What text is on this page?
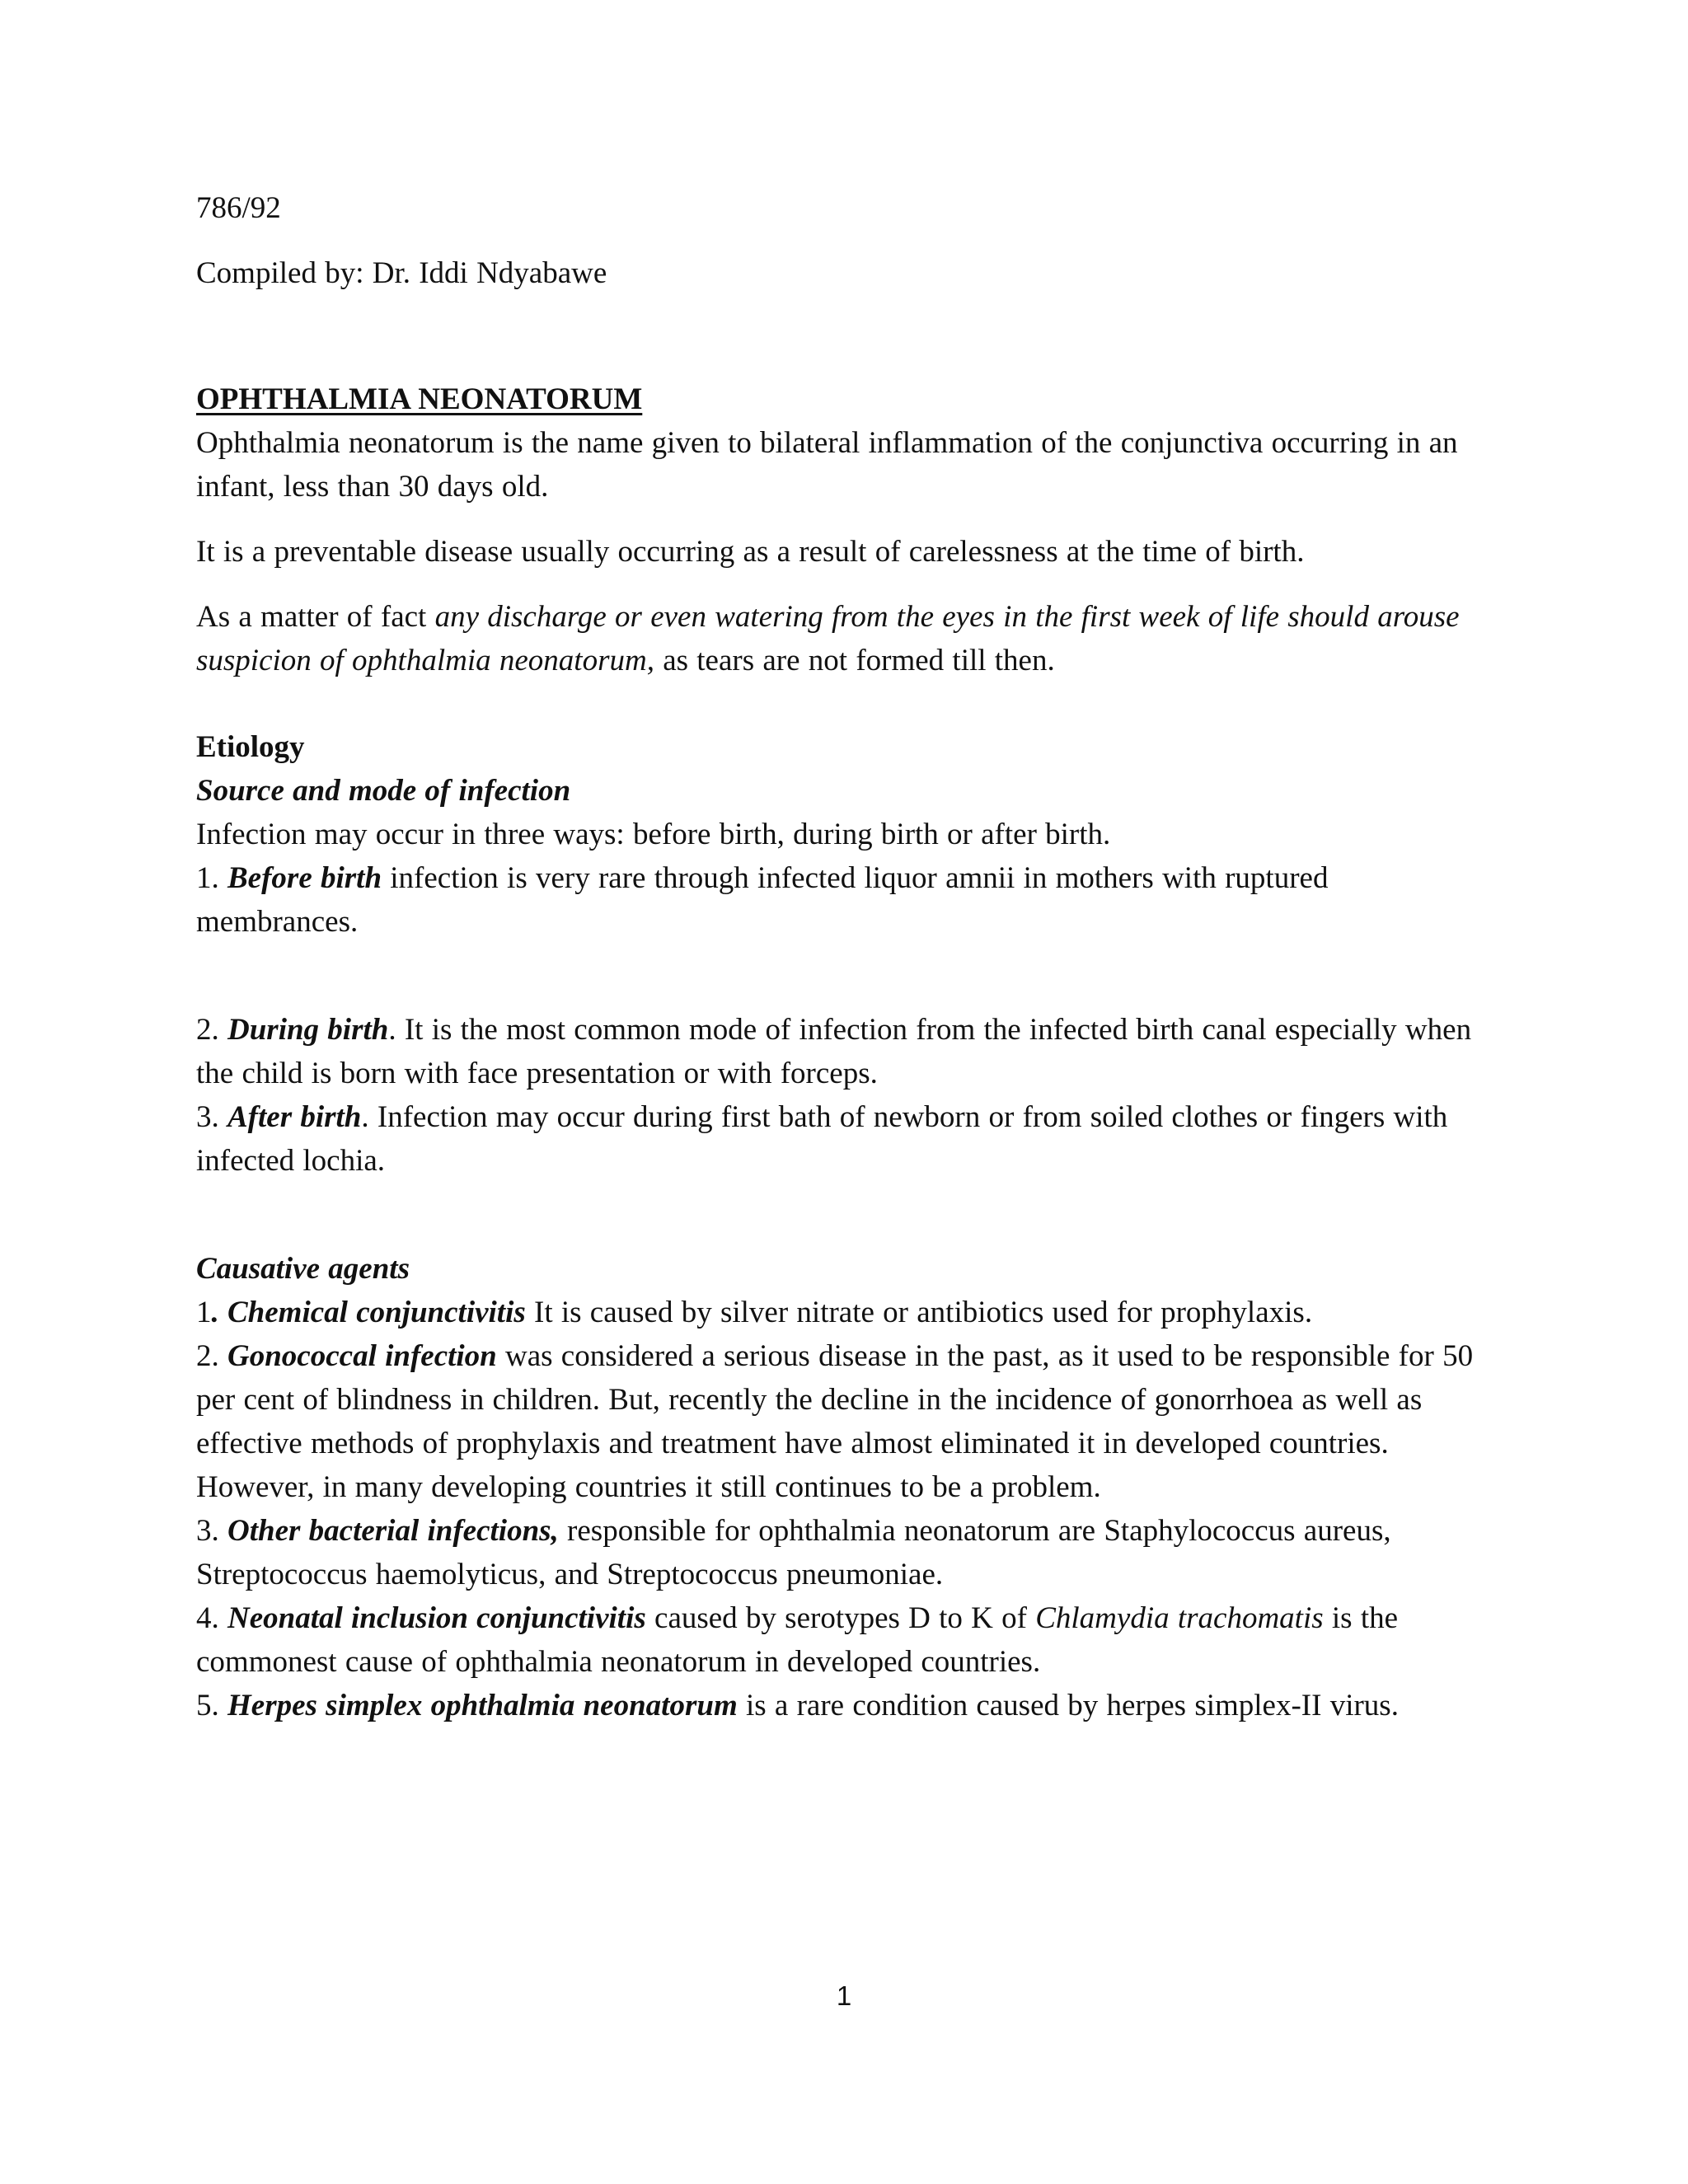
786/92

Compiled by: Dr. Iddi Ndyabawe

OPHTHALMIA NEONATORUM

Ophthalmia neonatorum is the name given to bilateral inflammation of the conjunctiva occurring in an infant, less than 30 days old.

It is a preventable disease usually occurring as a result of carelessness at the time of birth.

As a matter of fact any discharge or even watering from the eyes in the first week of life should arouse suspicion of ophthalmia neonatorum, as tears are not formed till then.

Etiology

Source and mode of infection

Infection may occur in three ways: before birth, during birth or after birth.

1. Before birth infection is very rare through infected liquor amnii in mothers with ruptured membrances.

2. During birth. It is the most common mode of infection from the infected birth canal especially when the child is born with face presentation or with forceps.

3. After birth. Infection may occur during first bath of newborn or from soiled clothes or fingers with infected lochia.

Causative agents

1. Chemical conjunctivitis It is caused by silver nitrate or antibiotics used for prophylaxis.

2. Gonococcal infection was considered a serious disease in the past, as it used to be responsible for 50 per cent of blindness in children. But, recently the decline in the incidence of gonorrhoea as well as effective methods of prophylaxis and treatment have almost eliminated it in developed countries. However, in many developing countries it still continues to be a problem.

3. Other bacterial infections, responsible for ophthalmia neonatorum are Staphylococcus aureus, Streptococcus haemolyticus, and Streptococcus pneumoniae.

4. Neonatal inclusion conjunctivitis caused by serotypes D to K of Chlamydia trachomatis is the commonest cause of ophthalmia neonatorum in developed countries.

5. Herpes simplex ophthalmia neonatorum is a rare condition caused by herpes simplex-II virus.

1
